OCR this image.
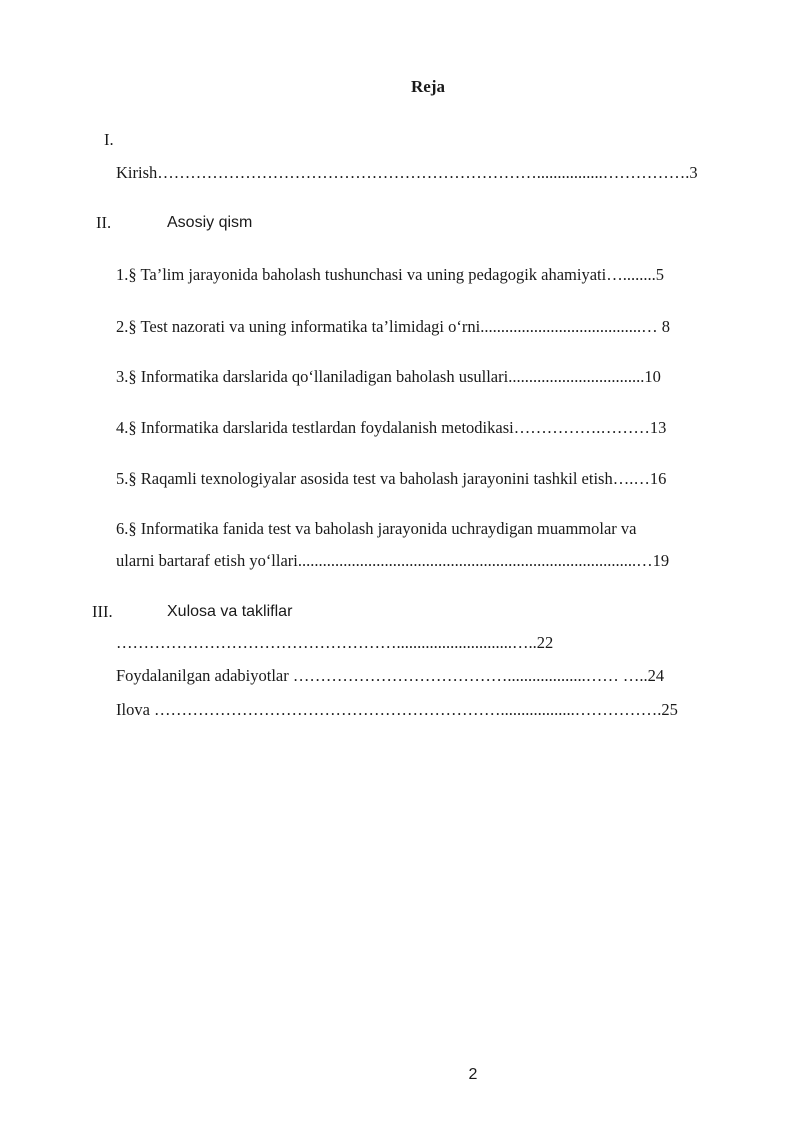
Reja
I.
Kirish……………………………………………………………................…………….3
II.	Asosiy qism
1.§ Ta’lim jarayonida baholash tushunchasi va uning pedagogik ahamiyati…........5
2.§ Test nazorati va uning informatika ta’limidagi o‘rni.......................................… 8
3.§ Informatika darslarida qo‘llaniladigan baholash usullari.................................10
4.§ Informatika darslarida testlardan foydalanish metodikasi…………….………13
5.§ Raqamli texnologiyalar asosida test va baholash jarayonini tashkil etish….…16
6.§ Informatika fanida test va baholash jarayonida uchraydigan muammolar va
ularni bartaraf etish yo‘llari..................................................................................…19
III.	Xulosa va takliflar
……………………………………………............................…..22
Foydalanilgan adabiyotlar …………………………………...................…… …..24
Ilova ………………………………………………………..................…………….25
2
